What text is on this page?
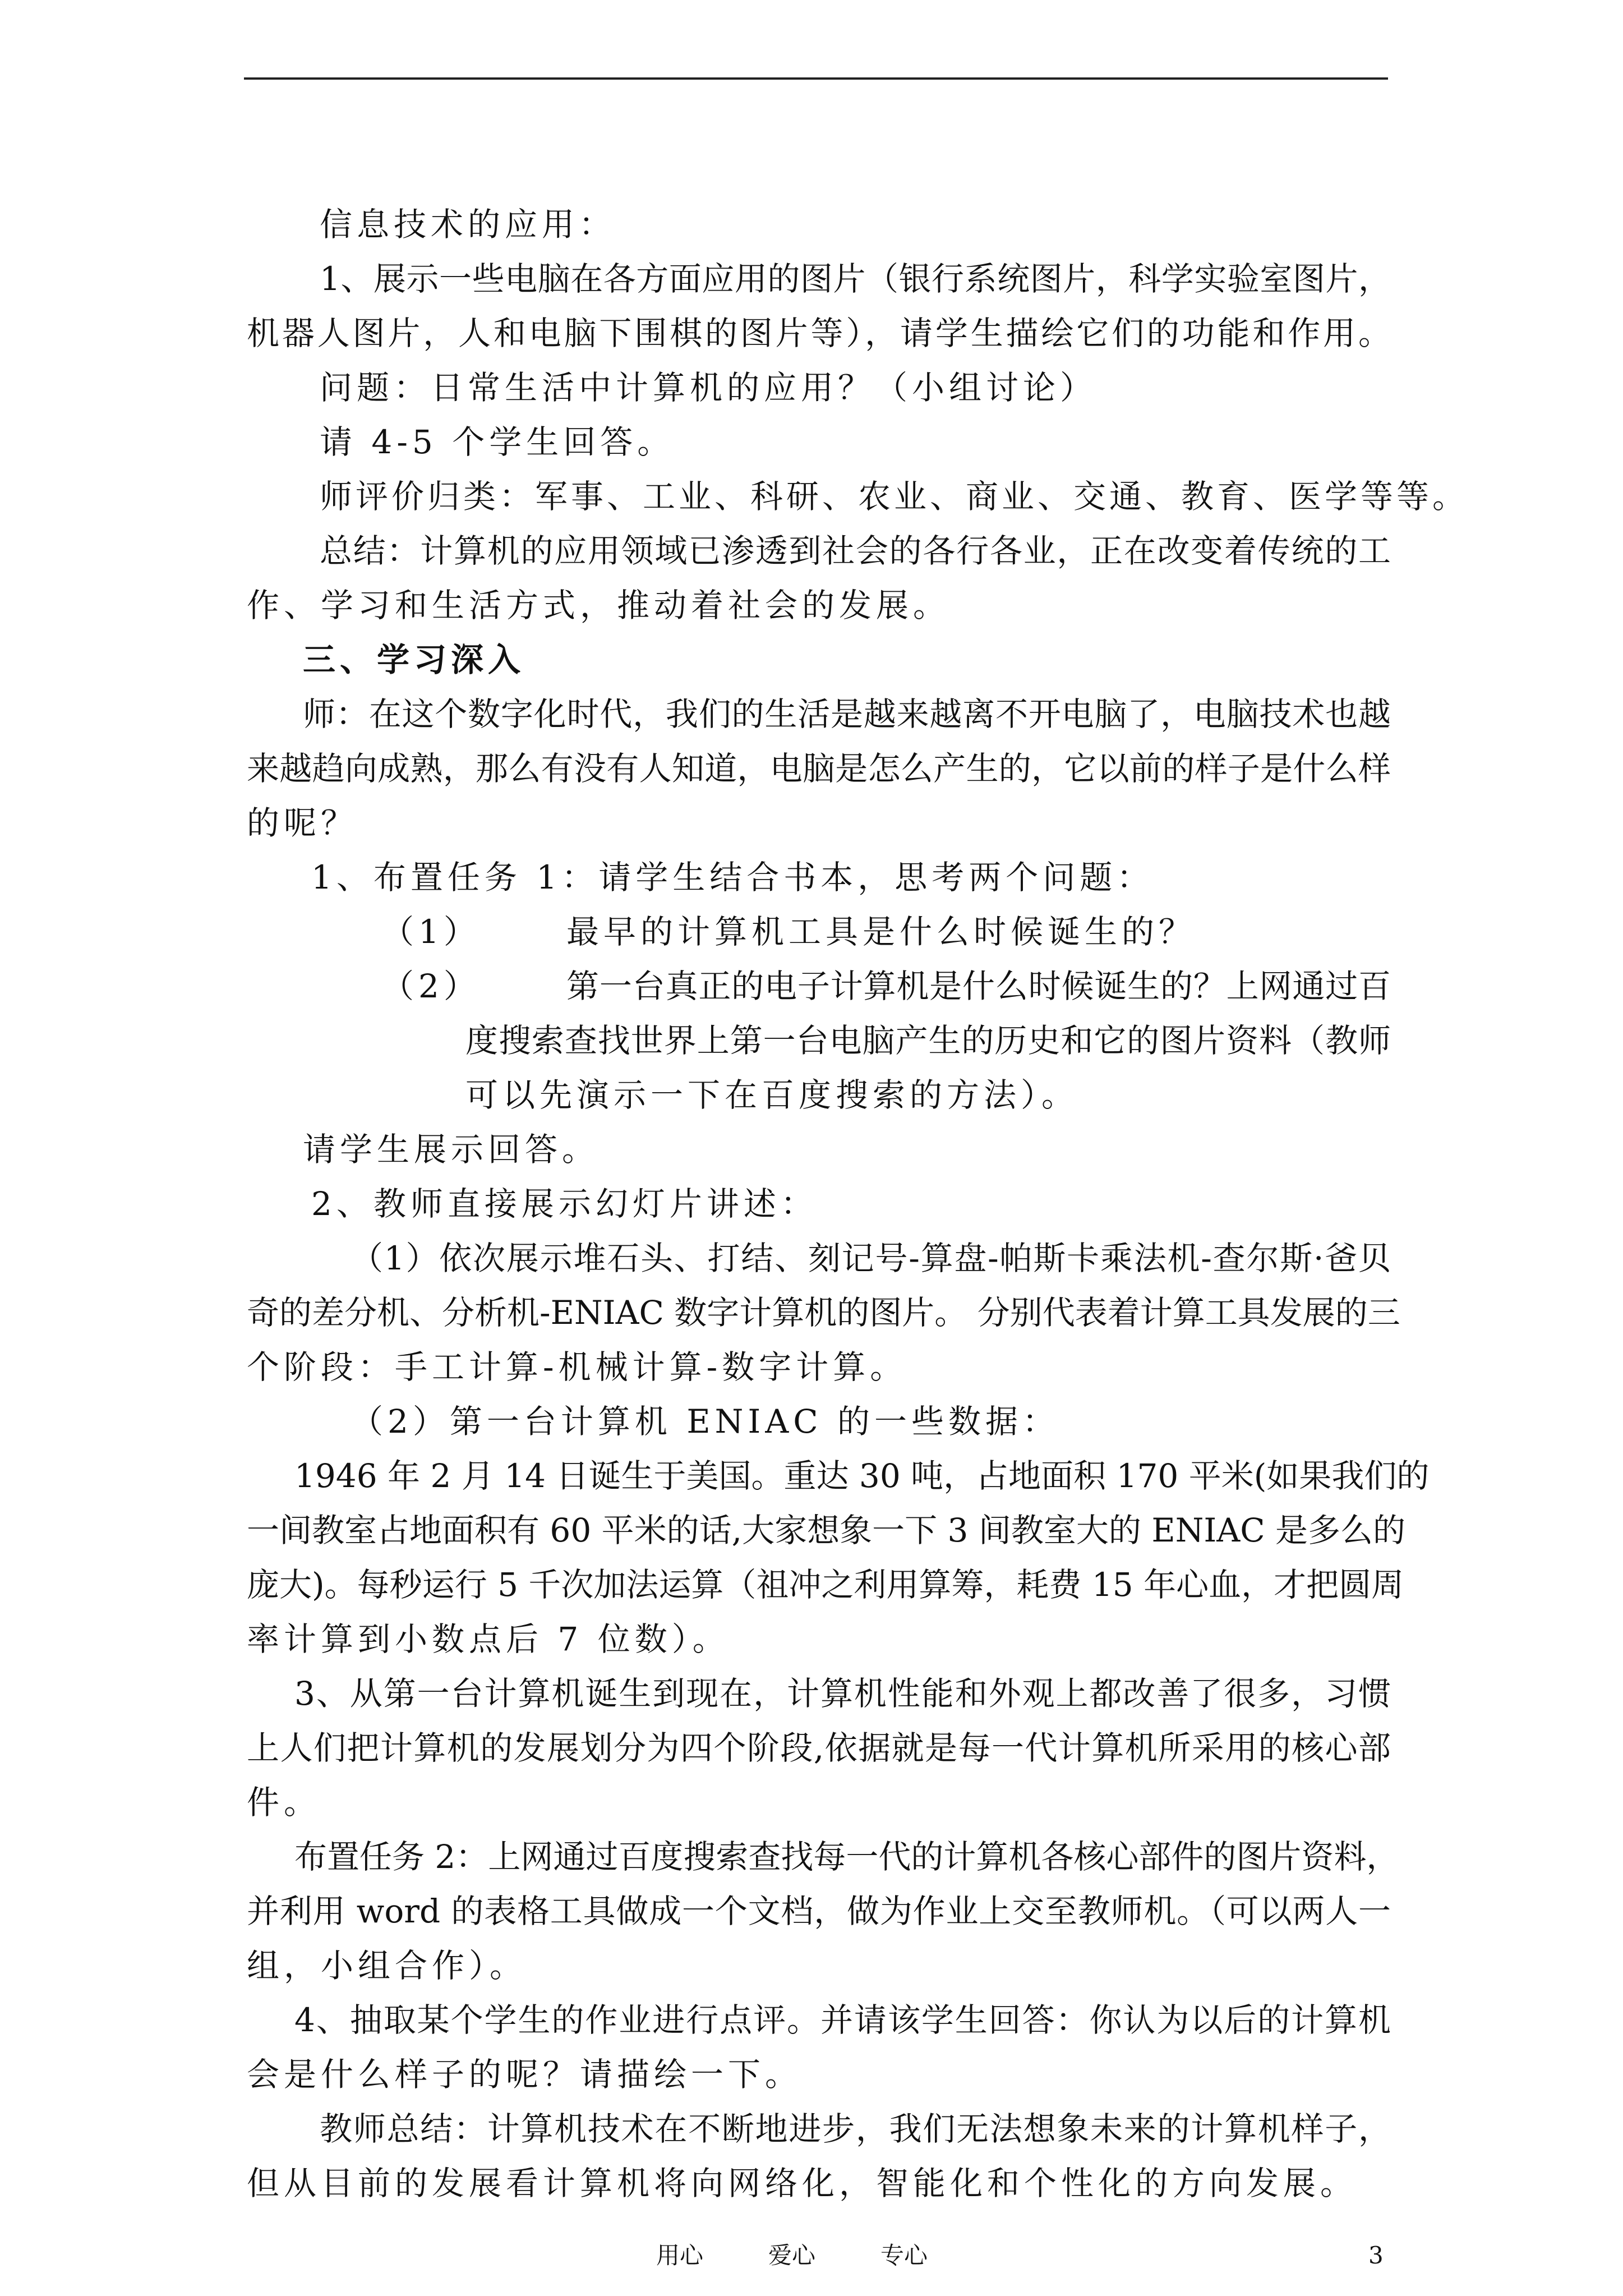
信息技术的应用：
1、展示一些电脑在各方面应用的图片（银行系统图片，科学实验室图片，
机器人图片，人和电脑下围棋的图片等），请学生描绘它们的功能和作用。
问题：日常生活中计算机的应用？（小组讨论）
请 4-5 个学生回答。
师评价归类：军事、工业、科研、农业、商业、交通、教育、医学等等。
总结：计算机的应用领域已渗透到社会的各行各业，正在改变着传统的工
作、学习和生活方式，推动着社会的发展。
三、学习深入
师：在这个数字化时代，我们的生活是越来越离不开电脑了，电脑技术也越
来越趋向成熟，那么有没有人知道，电脑是怎么产生的，它以前的样子是什么样
的呢？
1、布置任务 1：请学生结合书本，思考两个问题：
（1）	最早的计算机工具是什么时候诞生的？
（2）	第一台真正的电子计算机是什么时候诞生的？上网通过百
度搜索查找世界上第一台电脑产生的历史和它的图片资料（教师
可以先演示一下在百度搜索的方法）。
请学生展示回答。
2、教师直接展示幻灯片讲述：
（1）依次展示堆石头、打结、刻记号-算盘-帕斯卡乘法机-查尔斯·爸贝
奇的差分机、分析机-ENIAC 数字计算机的图片。 分别代表着计算工具发展的三
个阶段：手工计算-机械计算-数字计算。
（2）第一台计算机 ENIAC 的一些数据：
1946 年 2 月 14 日诞生于美国。重达 30 吨，占地面积 170 平米(如果我们的
一间教室占地面积有 60 平米的话,大家想象一下 3 间教室大的 ENIAC 是多么的
庞大)。每秒运行 5 千次加法运算（祖冲之利用算筹，耗费 15 年心血，才把圆周
率计算到小数点后 7 位数）。
3、从第一台计算机诞生到现在，计算机性能和外观上都改善了很多，习惯
上人们把计算机的发展划分为四个阶段,依据就是每一代计算机所采用的核心部
件。
布置任务 2：上网通过百度搜索查找每一代的计算机各核心部件的图片资料，
并利用 word 的表格工具做成一个文档，做为作业上交至教师机。（可以两人一
组，小组合作）。
4、抽取某个学生的作业进行点评。并请该学生回答：你认为以后的计算机
会是什么样子的呢？请描绘一下。
教师总结：计算机技术在不断地进步，我们无法想象未来的计算机样子，
但从目前的发展看计算机将向网络化，智能化和个性化的方向发展。
用心	爱心	专心	3
